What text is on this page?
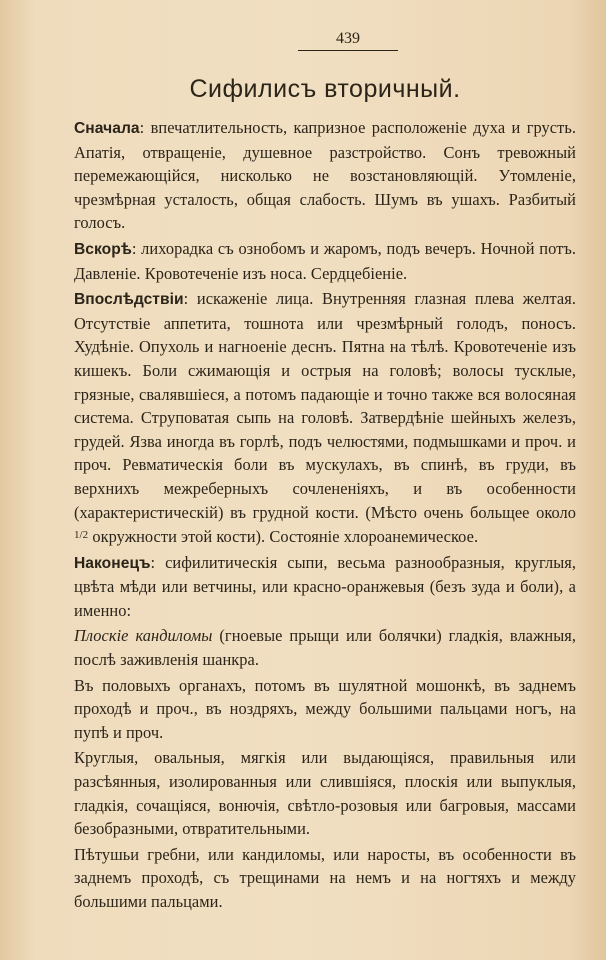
439
Сифилисъ вторичный.

Сначала: впечатлительность, капризное расположенiе духа и грусть. Апатiя, отвращенiе, душевное разстройство. Сонъ тревожный перемежающiйся, нисколько не возстановляющiй. Утомленiе, чрезмѣрная усталость, общая слабость. Шумъ въ ушахъ. Разбитый голосъ.

Вскорѣ: лихорадка съ ознобомъ и жаромъ, подъ вечеръ. Ночной потъ. Давленiе. Кровотеченiе изъ носа. Сердцебiенiе.

Впослѣдствiи: искаженiе лица. Внутренняя глазная плева желтая. Отсутствiе аппетита, тошнота или чрезмѣрный голодъ, поносъ. Худѣнiе. Опухоль и нагноенiе деснъ. Пятна на тѣлѣ. Кровотеченiе изъ кишекъ. Боли сжимающiя и острыя на головѣ; волосы тусклые, грязные, свалявшiеся, а потомъ падающiе и точно также вся волосяная система. Струповатая сыпь на головѣ. Затвердѣнiе шейныхъ железъ, грудей. Язва иногда въ горлѣ, подъ челюстями, подмышками и проч. и проч. Ревматическiя боли въ мускулахъ, въ спинѣ, въ груди, въ верхнихъ межреберныхъ сочлененiяхъ, и въ особенности (характеристическiй) въ грудной кости. (Мѣсто очень больщее около $^{1/2}$ окружности этой кости). Состоянiе хлороанемическое.

Наконецъ: сифилитическiя сыпи, весьма разнообразныя, круглыя, цвѣта мѣди или ветчины, или красно-оранжевыя (безъ зуда и боли), а именно:

Плоскiе кандиломы (гноевые прыщи или болячки) гладкiя, влажныя, послѣ заживленiя шанкра.

Въ половыхъ органахъ, потомъ въ шулятной мошонкѣ, въ заднемъ проходѣ и проч., въ ноздряхъ, между большими пальцами ногъ, на пупѣ и проч.

Круглыя, овальныя, мягкiя или выдающiяся, правильныя или разсѣянныя, изолированныя или слившiяся, плоскiя или выпуклыя, гладкiя, сочащiяся, вонючiя, свѣтло-розовыя или багровыя, массами безобразными, отвратительными.

Пѣтушьи гребни, или кандиломы, или наросты, въ особенности въ заднемъ проходѣ, съ трещинами на немъ и на ногтяхъ и между большими пальцами.
